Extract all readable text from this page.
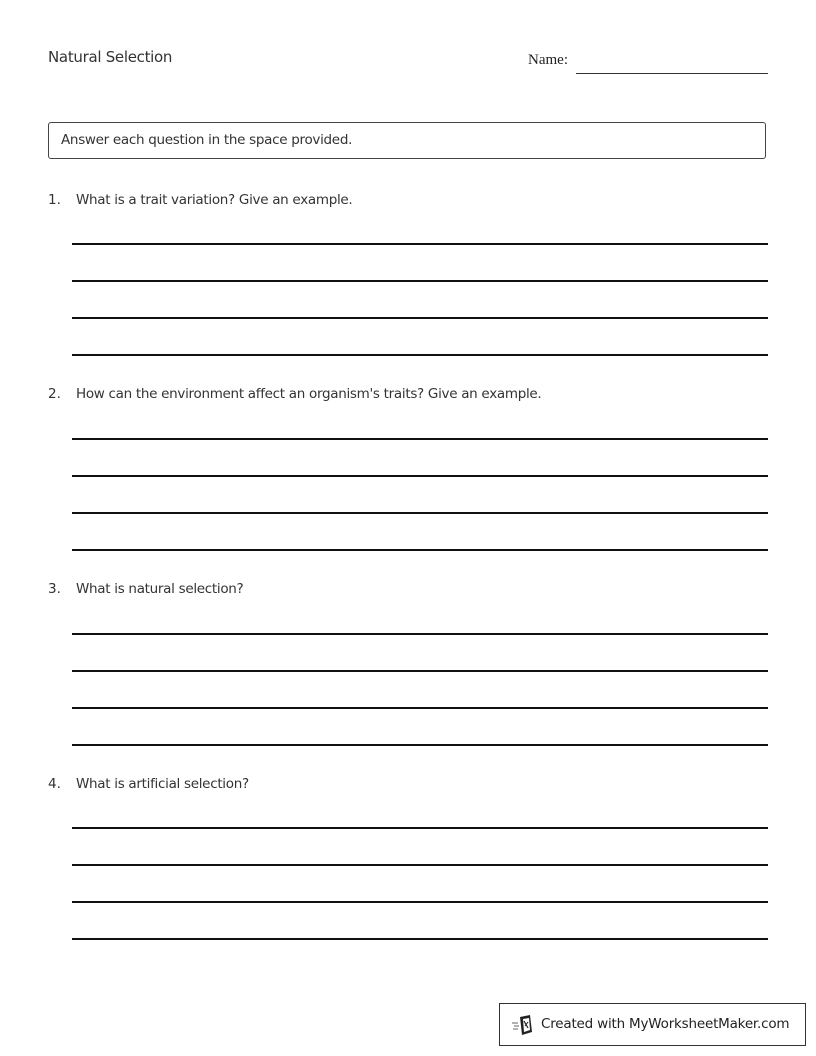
Natural Selection	Name:
Answer each question in the space provided.
1. What is a trait variation? Give an example.
2. How can the environment affect an organism's traits? Give an example.
3. What is natural selection?
4. What is artificial selection?
Created with MyWorksheetMaker.com
